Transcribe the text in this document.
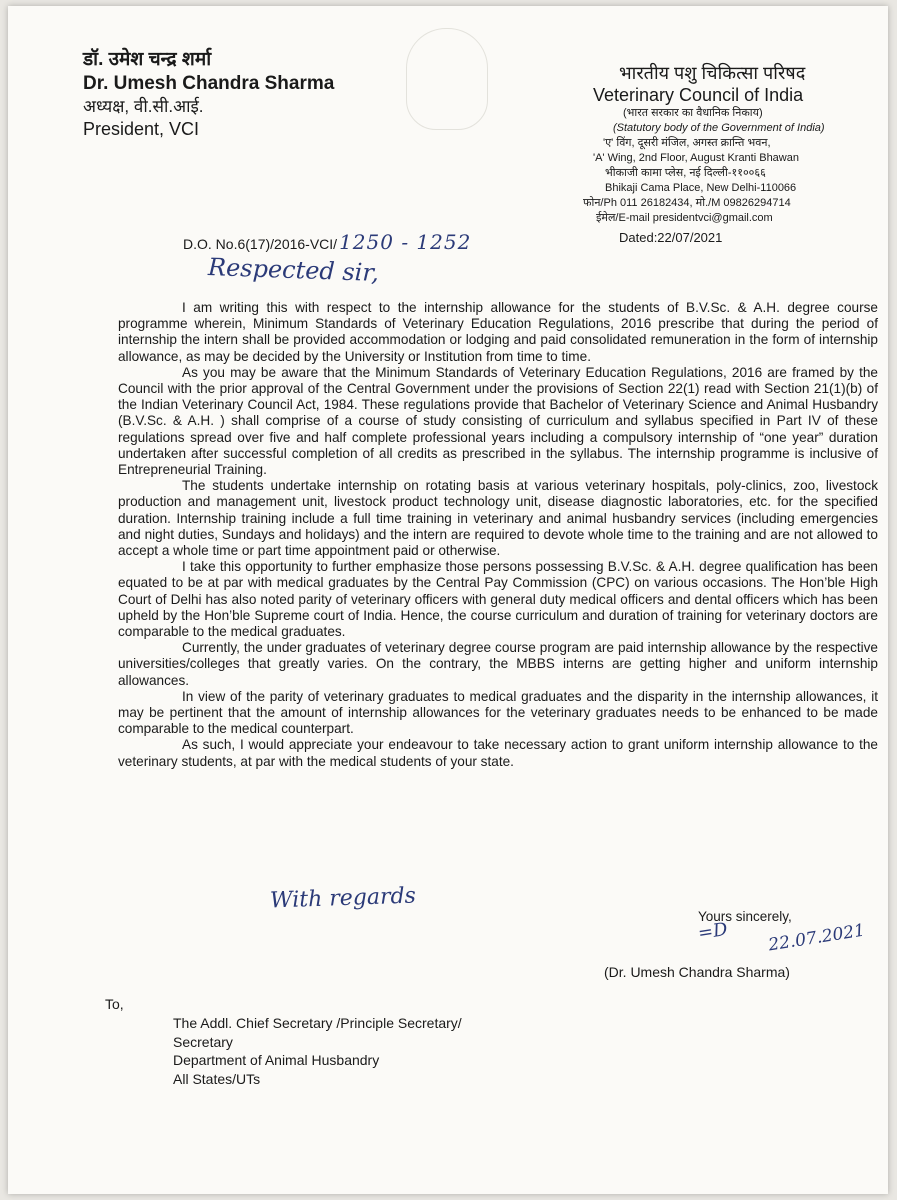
डॉ. उमेश चन्द्र शर्मा
Dr. Umesh Chandra Sharma
अध्यक्ष, वी.सी.आई.
President, VCI
भारतीय पशु चिकित्सा परिषद
Veterinary Council of India
(भारत सरकार का वैधानिक निकाय)
(Statutory body of the Government of India)
'ए' विंग, दूसरी मंजिल, अगस्त क्रान्ति भवन,
'A' Wing, 2nd Floor, August Kranti Bhawan
भीकाजी कामा प्लेस, नई दिल्ली-११००६६
Bhikaji Cama Place, New Delhi-110066
फोन/Ph 011 26182434, मो./M 09826294714
ईमेल/E-mail presidentvci@gmail.com
Dated:22/07/2021
D.O. No.6(17)/2016-VCI/ 1250 - 1252
Respected sir,

I am writing this with respect to the internship allowance for the students of B.V.Sc. & A.H. degree course programme wherein, Minimum Standards of Veterinary Education Regulations, 2016 prescribe that during the period of internship the intern shall be provided accommodation or lodging and paid consolidated remuneration in the form of internship allowance, as may be decided by the University or Institution from time to time.

As you may be aware that the Minimum Standards of Veterinary Education Regulations, 2016 are framed by the Council with the prior approval of the Central Government under the provisions of Section 22(1) read with Section 21(1)(b) of the Indian Veterinary Council Act, 1984. These regulations provide that Bachelor of Veterinary Science and Animal Husbandry (B.V.Sc. & A.H. ) shall comprise of a course of study consisting of curriculum and syllabus specified in Part IV of these regulations spread over five and half complete professional years including a compulsory internship of “one year” duration undertaken after successful completion of all credits as prescribed in the syllabus. The internship programme is inclusive of Entrepreneurial Training.

The students undertake internship on rotating basis at various veterinary hospitals, poly-clinics, zoo, livestock production and management unit, livestock product technology unit, disease diagnostic laboratories, etc. for the specified duration. Internship training include a full time training in veterinary and animal husbandry services (including emergencies and night duties, Sundays and holidays) and the intern are required to devote whole time to the training and are not allowed to accept a whole time or part time appointment paid or otherwise.

I take this opportunity to further emphasize those persons possessing B.V.Sc. & A.H. degree qualification has been equated to be at par with medical graduates by the Central Pay Commission (CPC) on various occasions. The Hon’ble High Court of Delhi has also noted parity of veterinary officers with general duty medical officers and dental officers which has been upheld by the Hon’ble Supreme court of India. Hence, the course curriculum and duration of training for veterinary doctors are comparable to the medical graduates.

Currently, the under graduates of veterinary degree course program are paid internship allowance by the respective universities/colleges that greatly varies. On the contrary, the MBBS interns are getting higher and uniform internship allowances.

In view of the parity of veterinary graduates to medical graduates and the disparity in the internship allowances, it may be pertinent that the amount of internship allowances for the veterinary graduates needs to be enhanced to be made comparable to the medical counterpart.

As such, I would appreciate your endeavour to take necessary action to grant uniform internship allowance to the veterinary students, at par with the medical students of your state.

With regards
Yours sincerely,
=D 22.07.2021
(Dr. Umesh Chandra Sharma)
To,
The Addl. Chief Secretary /Principle Secretary/
Secretary
Department of Animal Husbandry
All States/UTs
